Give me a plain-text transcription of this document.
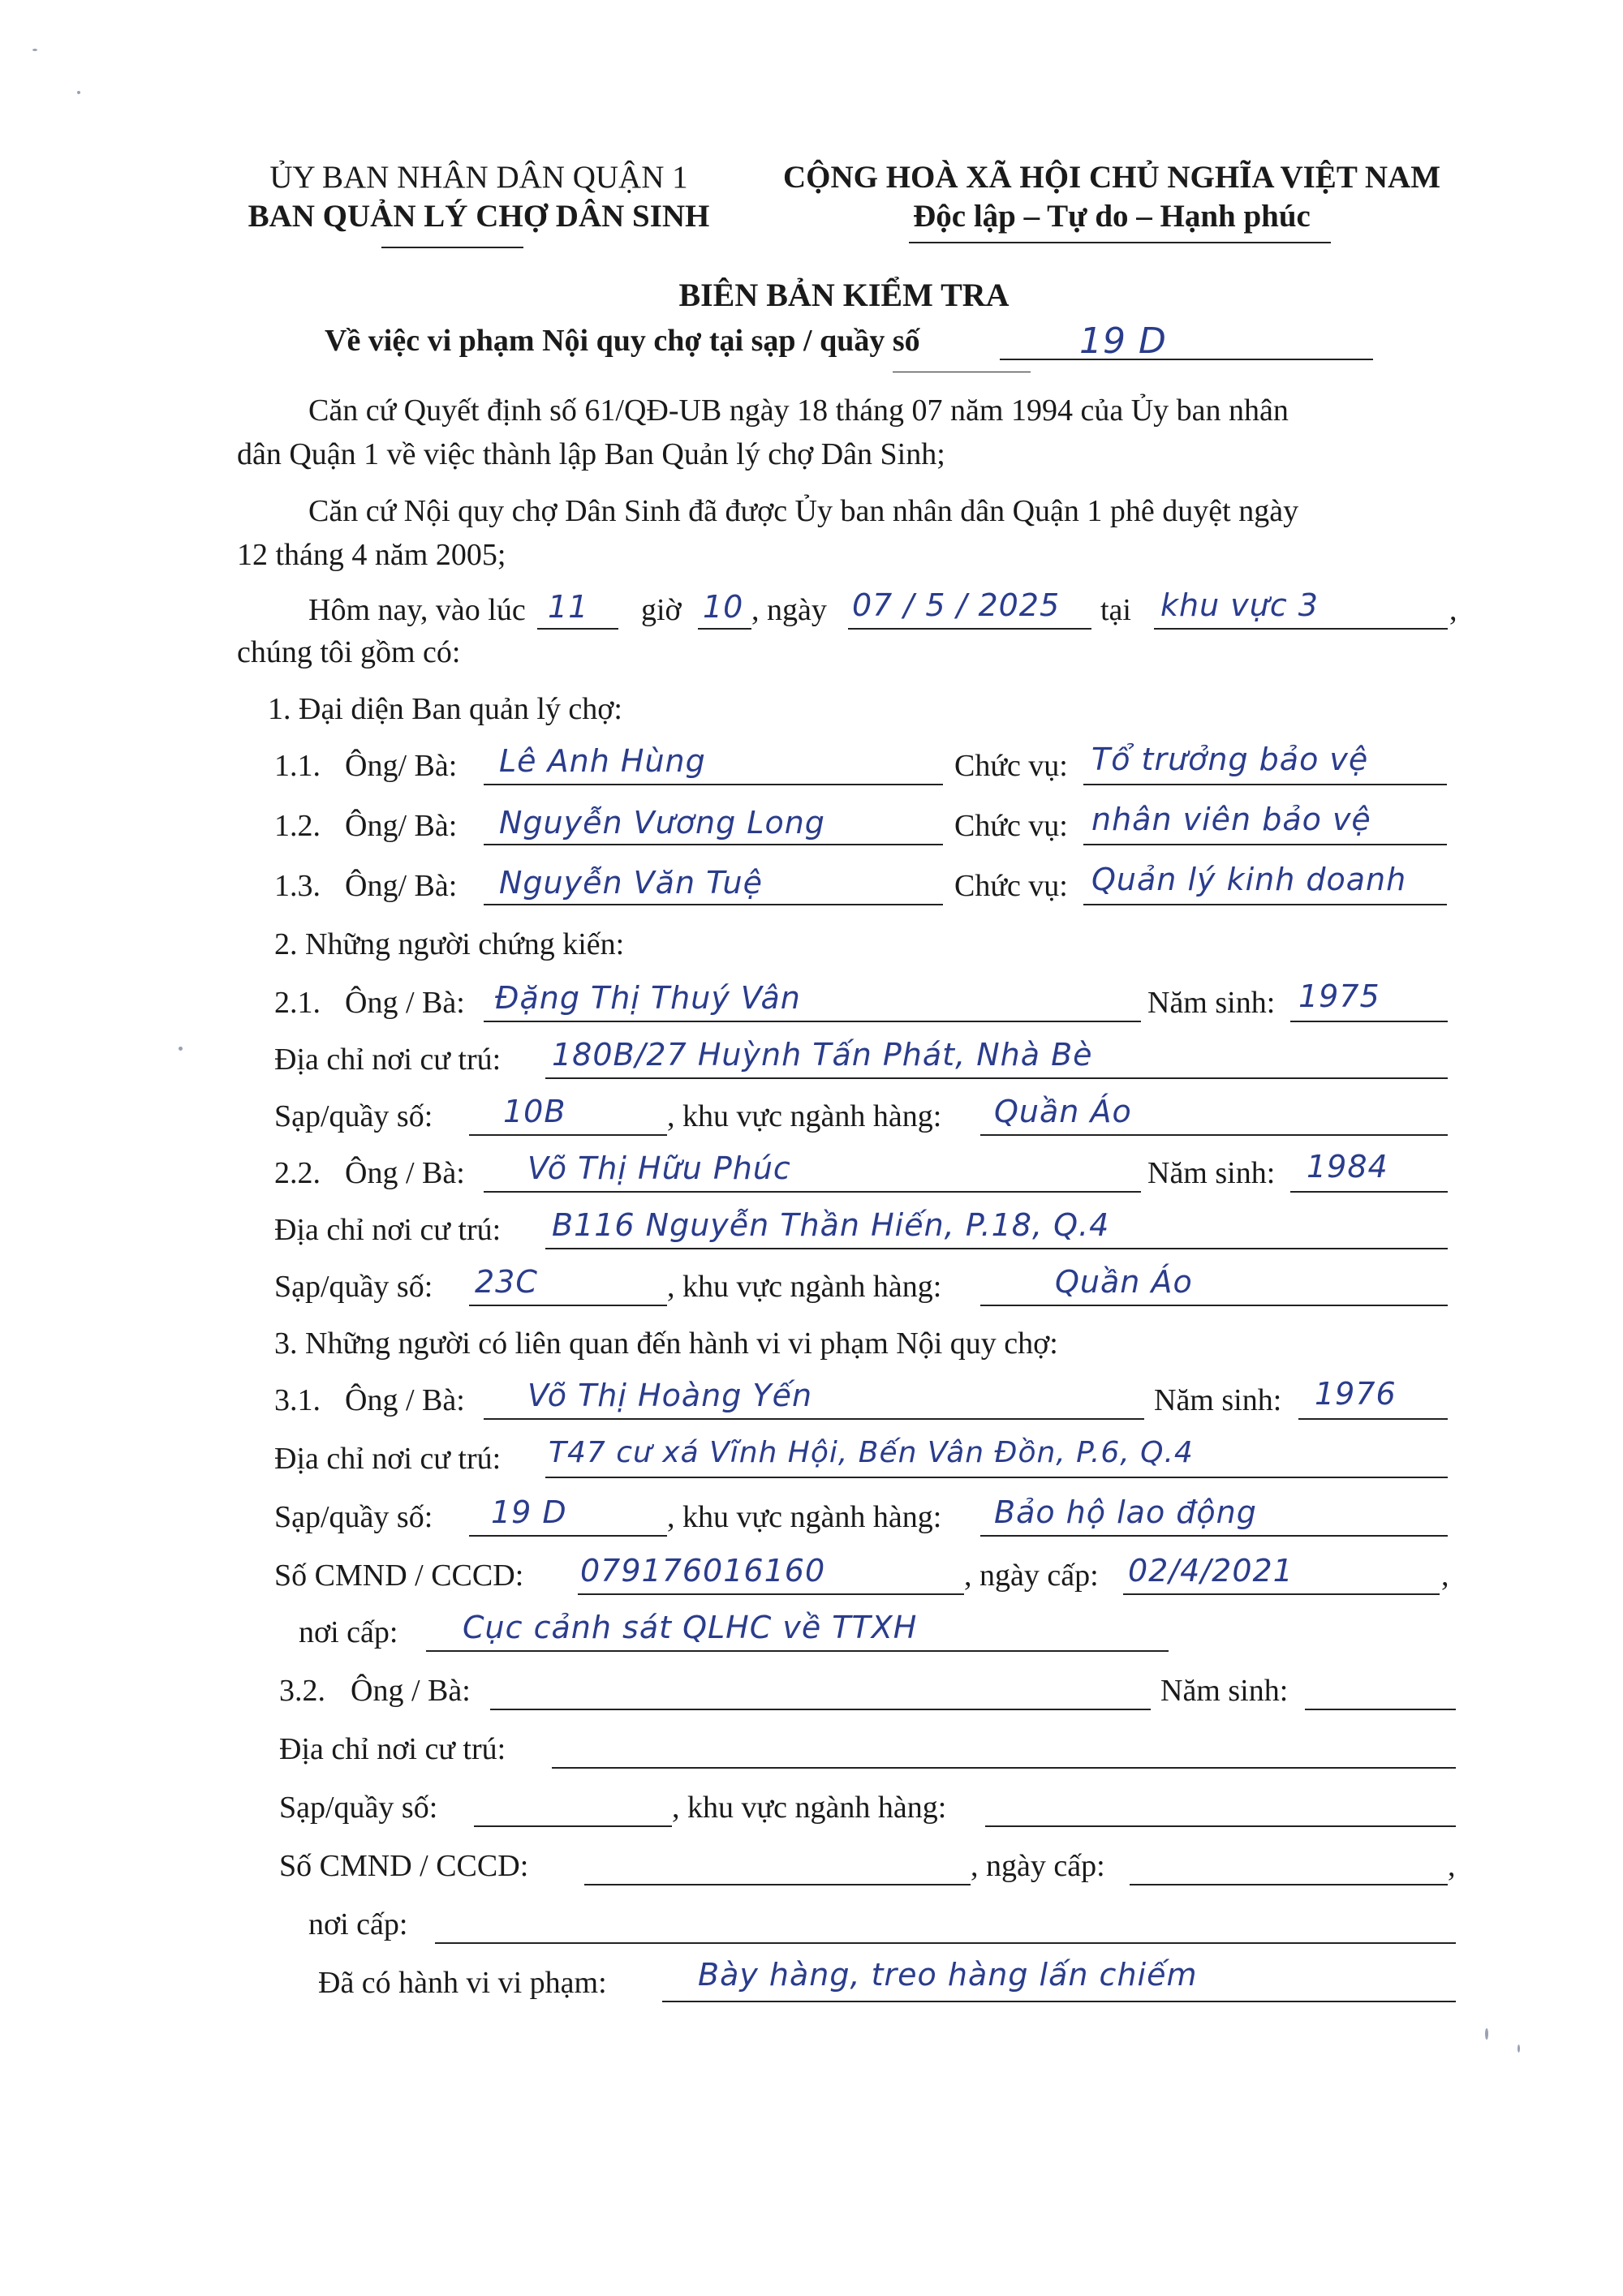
ỦY BAN NHÂN DÂN QUẬN 1
BAN QUẢN LÝ CHỢ DÂN SINH
CỘNG HOÀ XÃ HỘI CHỦ NGHĨA VIỆT NAM
Độc lập – Tự do – Hạnh phúc
BIÊN BẢN KIỂM TRA
Về việc vi phạm Nội quy chợ tại sạp / quầy số	19 D
Căn cứ Quyết định số 61/QĐ-UB ngày 18 tháng 07 năm 1994 của Ủy ban nhân
dân Quận 1 về việc thành lập Ban Quản lý chợ Dân Sinh;
Căn cứ Nội quy chợ Dân Sinh đã được Ủy ban nhân dân Quận 1 phê duyệt ngày
12 tháng 4 năm 2005;
Hôm nay, vào lúc 11 giờ 10 , ngày 07 / 5 / 2025 tại khu vực 3	,
chúng tôi gồm có:
1. Đại diện Ban quản lý chợ:
1.1. Ông/ Bà: Lê Anh Hùng	Chức vụ: Tổ trưởng bảo vệ
1.2. Ông/ Bà: Nguyễn Vương Long	Chức vụ: nhân viên bảo vệ
1.3. Ông/ Bà: Nguyễn Văn Tuệ	Chức vụ: Quản lý kinh doanh
2. Những người chứng kiến:
2.1. Ông / Bà: Đặng Thị Thuý Vân	Năm sinh: 1975
Địa chỉ nơi cư trú: 180B/27 Huỳnh Tấn Phát, Nhà Bè
Sạp/quầy số: 10B	, khu vực ngành hàng: Quần Áo
2.2. Ông / Bà: Võ Thị Hữu Phúc	Năm sinh: 1984
Địa chỉ nơi cư trú: B116 Nguyễn Thần Hiến, P.18, Q.4
Sạp/quầy số: 23C	, khu vực ngành hàng:	Quần Áo
3. Những người có liên quan đến hành vi vi phạm Nội quy chợ:
3.1. Ông / Bà: Võ Thị Hoàng Yến	Năm sinh: 1976
Địa chỉ nơi cư trú: T47 cư xá Vĩnh Hội, Bến Vân Đồn, P.6, Q.4
Sạp/quầy số: 19 D	, khu vực ngành hàng: Bảo hộ lao động
Số CMND / CCCD: 079176016160	, ngày cấp: 02/4/2021	,
nơi cấp: Cục cảnh sát QLHC về TTXH
3.2. Ông / Bà:	Năm sinh:
Địa chỉ nơi cư trú:
Sạp/quầy số:	, khu vực ngành hàng:
Số CMND / CCCD:	, ngày cấp:	,
nơi cấp:
Đã có hành vi vi phạm:	Bày hàng, treo hàng lấn chiếm
